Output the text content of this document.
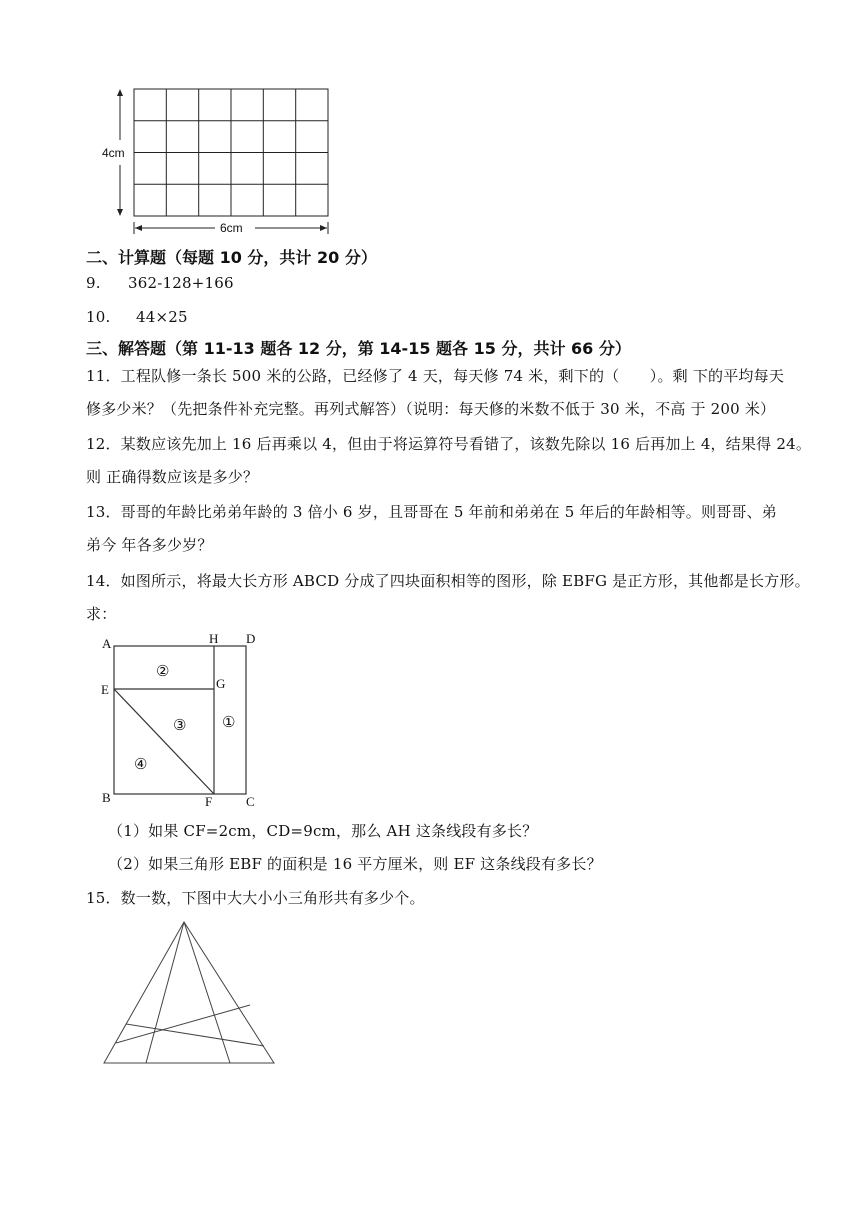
4cm
6cm
二、计算题（每题 10 分，共计 20 分）
9. 362-128+166
10. 44×25
三、解答题（第 11-13 题各 12 分，第 14-15 题各 15 分，共计 66 分）
11．工程队修一条长 500 米的公路，已经修了 4 天，每天修 74 米，剩下的（　　）。剩 下的平均每天
修多少米？（先把条件补充完整。再列式解答）（说明：每天修的米数不低于 30 米，不高 于 200 米）
12．某数应该先加上 16 后再乘以 4，但由于将运算符号看错了，该数先除以 16 后再加上 4，结果得 24。
则 正确得数应该是多少？
13．哥哥的年龄比弟弟年龄的 3 倍小 6 岁，且哥哥在 5 年前和弟弟在 5 年后的年龄相等。则哥哥、弟
弟今 年各多少岁？
14．如图所示，将最大长方形 ABCD 分成了四块面积相等的图形，除 EBFG 是正方形，其他都是长方形。
求：
A	H D
E	G
B	F	C
②
③ ①
④
（1）如果 CF=2cm，CD=9cm，那么 AH 这条线段有多长？
（2）如果三角形 EBF 的面积是 16 平方厘米，则 EF 这条线段有多长？
15．数一数，下图中大大小小三角形共有多少个。
